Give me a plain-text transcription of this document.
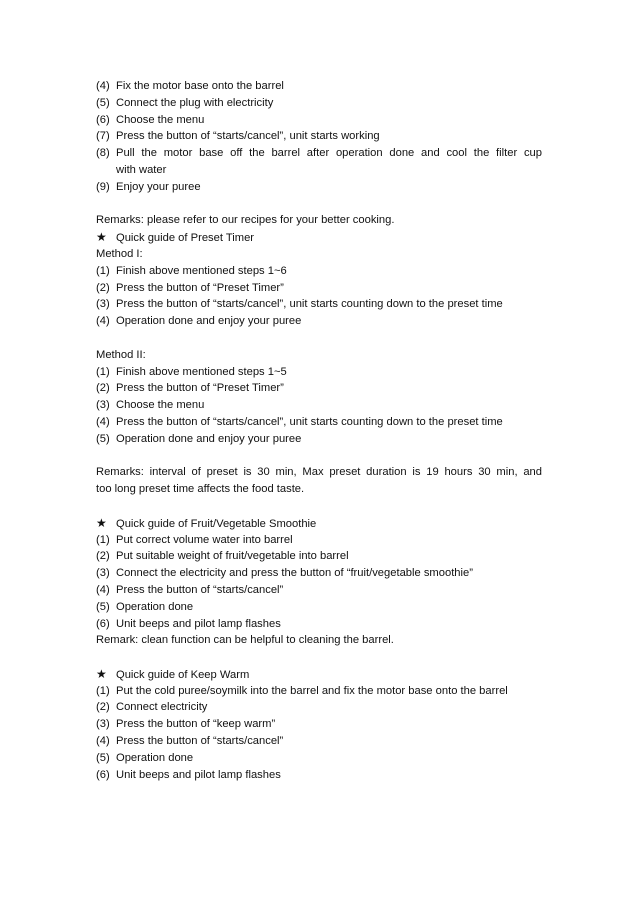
(4) Fix the motor base onto the barrel
(5) Connect the plug with electricity
(6) Choose the menu
(7) Press the button of “starts/cancel”, unit starts working
(8) Pull the motor base off the barrel after operation done and cool the filter cup
with water
(9) Enjoy your puree
Remarks: please refer to our recipes for your better cooking.
★ Quick guide of Preset Timer
Method I:
(1) Finish above mentioned steps 1~6
(2) Press the button of “Preset Timer”
(3) Press the button of “starts/cancel”, unit starts counting down to the preset time
(4) Operation done and enjoy your puree
Method II:
(1) Finish above mentioned steps 1~5
(2) Press the button of “Preset Timer”
(3) Choose the menu
(4) Press the button of “starts/cancel”, unit starts counting down to the preset time
(5) Operation done and enjoy your puree
Remarks: interval of preset is 30 min, Max preset duration is 19 hours 30 min, and
too long preset time affects the food taste.
★ Quick guide of Fruit/Vegetable Smoothie
(1) Put correct volume water into barrel
(2) Put suitable weight of fruit/vegetable into barrel
(3) Connect the electricity and press the button of “fruit/vegetable smoothie”
(4) Press the button of “starts/cancel”
(5) Operation done
(6) Unit beeps and pilot lamp flashes
Remark: clean function can be helpful to cleaning the barrel.
★ Quick guide of Keep Warm
(1) Put the cold puree/soymilk into the barrel and fix the motor base onto the barrel
(2) Connect electricity
(3) Press the button of “keep warm”
(4) Press the button of “starts/cancel”
(5) Operation done
(6) Unit beeps and pilot lamp flashes
